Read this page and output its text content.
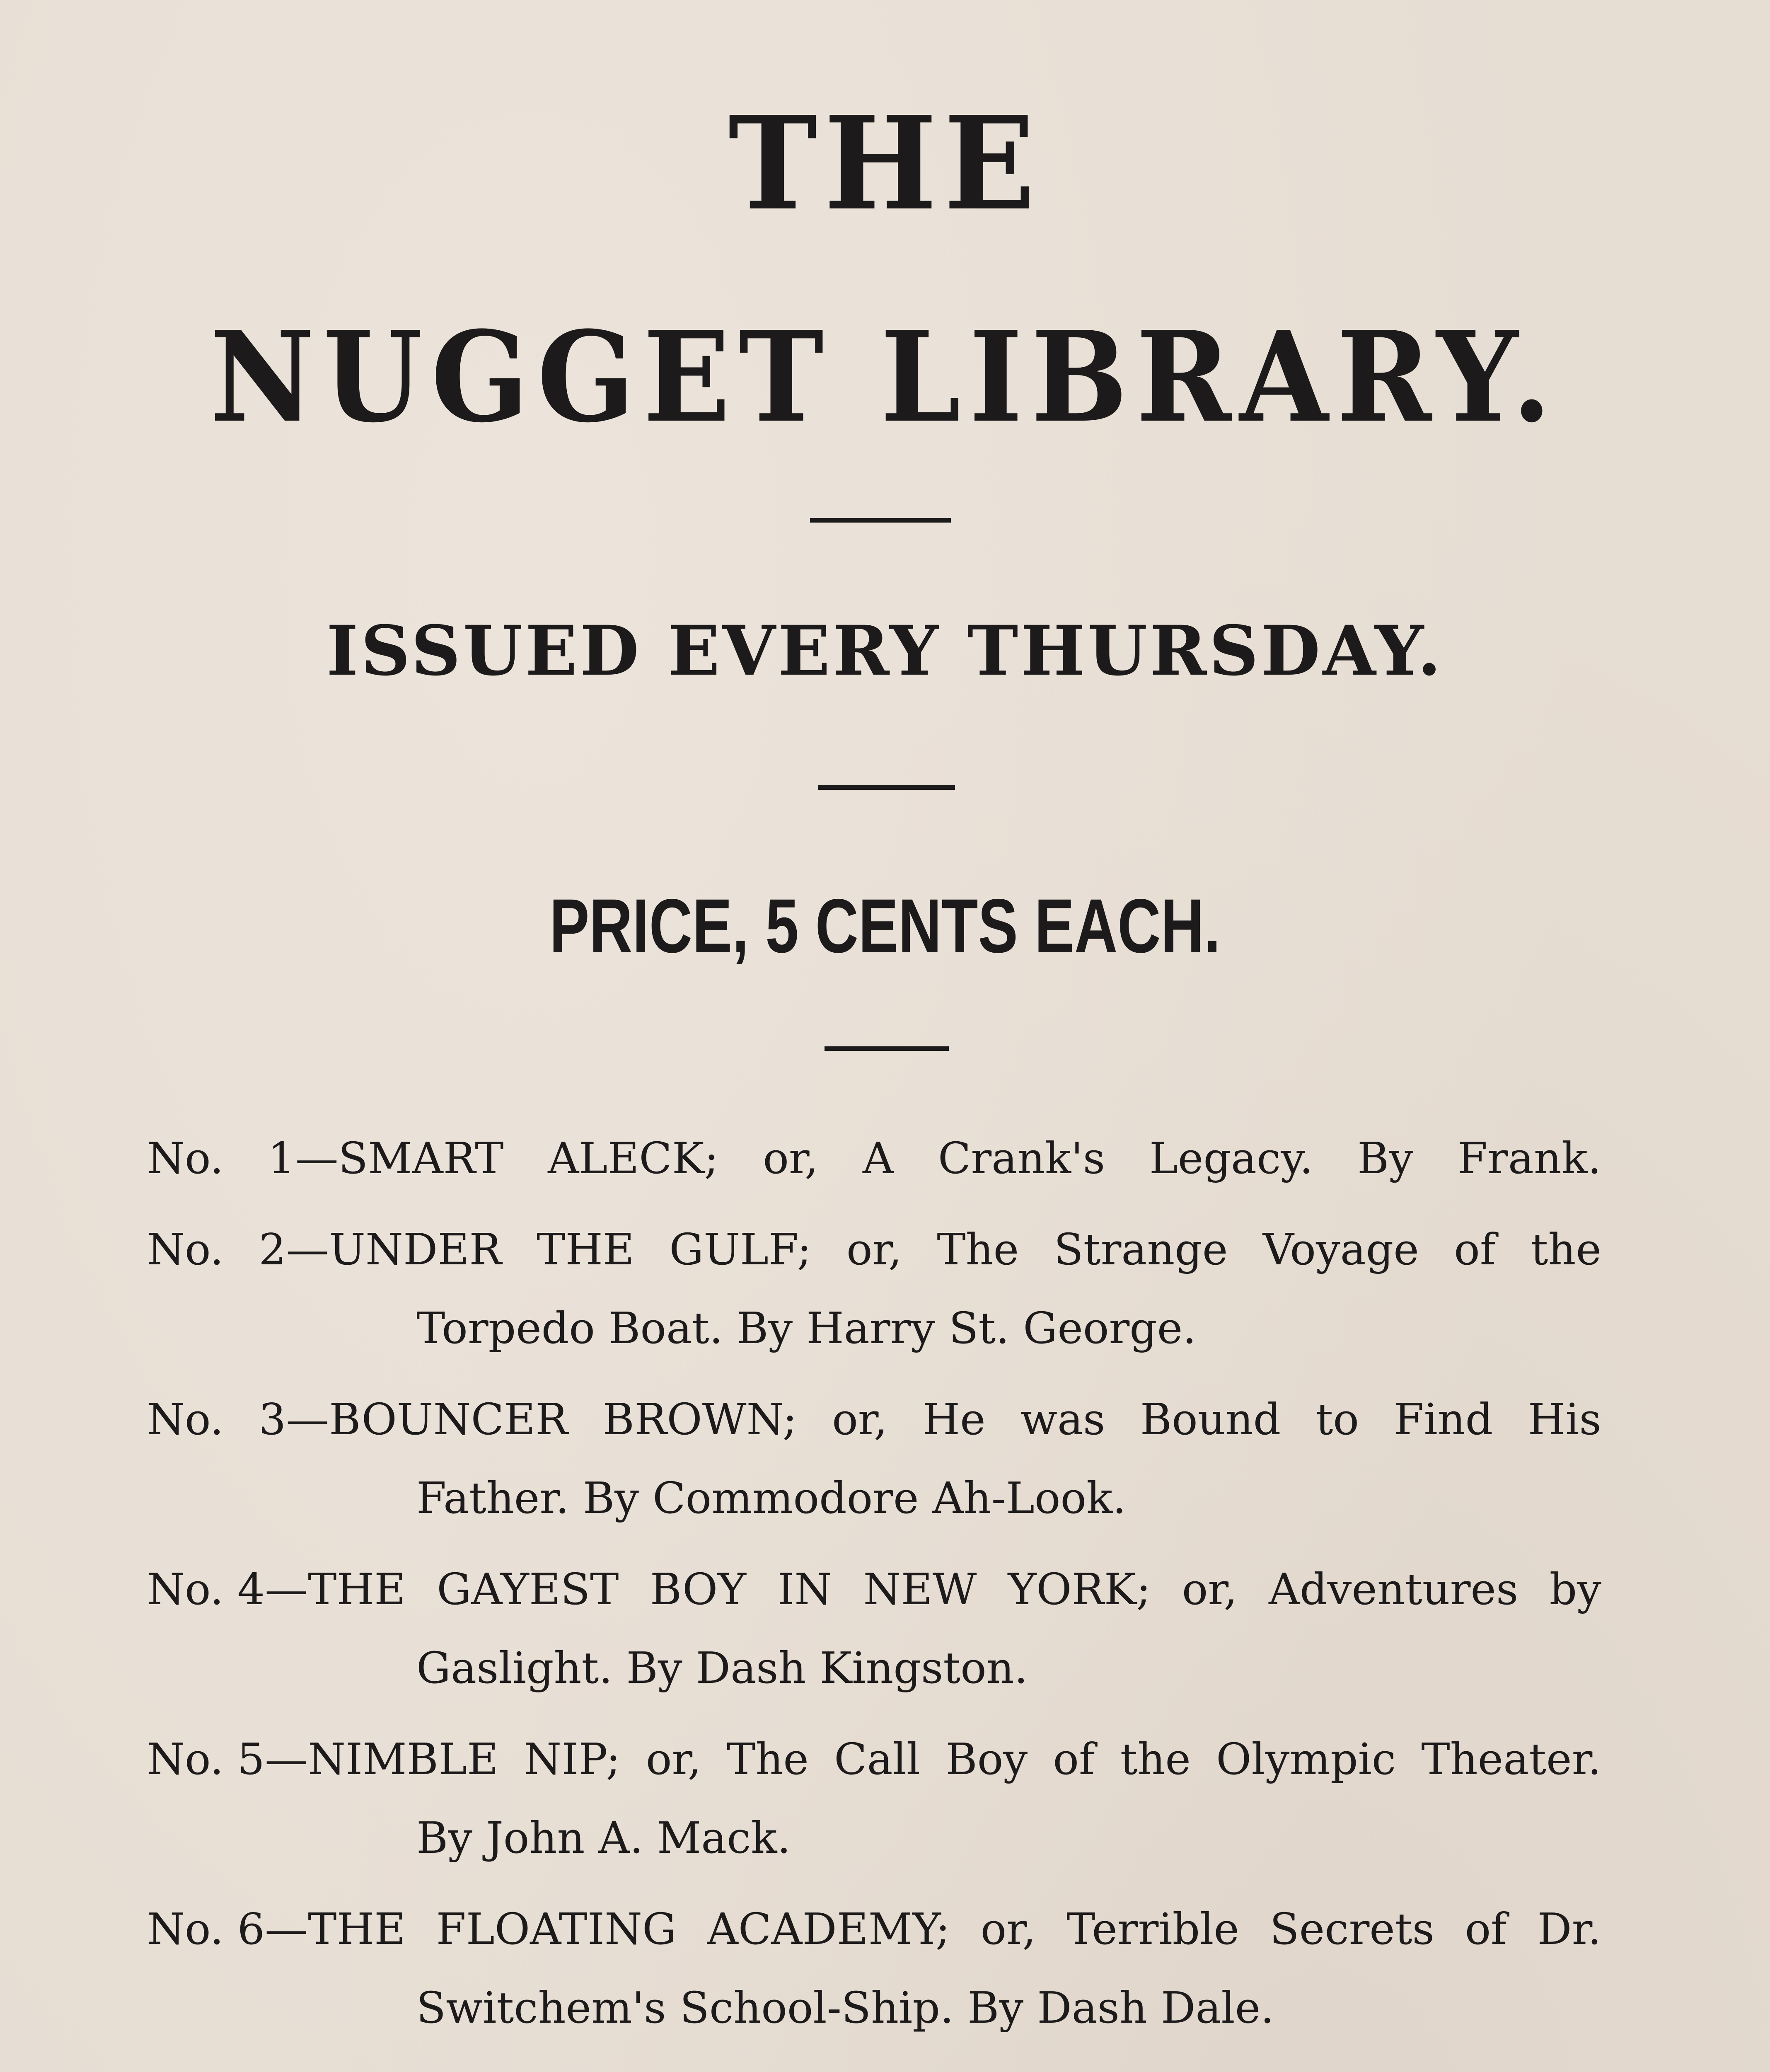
THE
NUGGET LIBRARY.
ISSUED EVERY THURSDAY.
PRICE, 5 CENTS EACH.
No. 1—SMART ALECK; or, A Crank's Legacy. By Frank.
No. 2—UNDER THE GULF; or, The Strange Voyage of the
Torpedo Boat. By Harry St. George.
No. 3—BOUNCER BROWN; or, He was Bound to Find His
Father. By Commodore Ah-Look.
No. 4—THE GAYEST BOY IN NEW YORK; or, Adventures by
Gaslight. By Dash Kingston.
No. 5—NIMBLE NIP; or, The Call Boy of the Olympic Theater.
By John A. Mack.
No. 6—THE FLOATING ACADEMY; or, Terrible Secrets of Dr.
Switchem's School-Ship. By Dash Dale.
